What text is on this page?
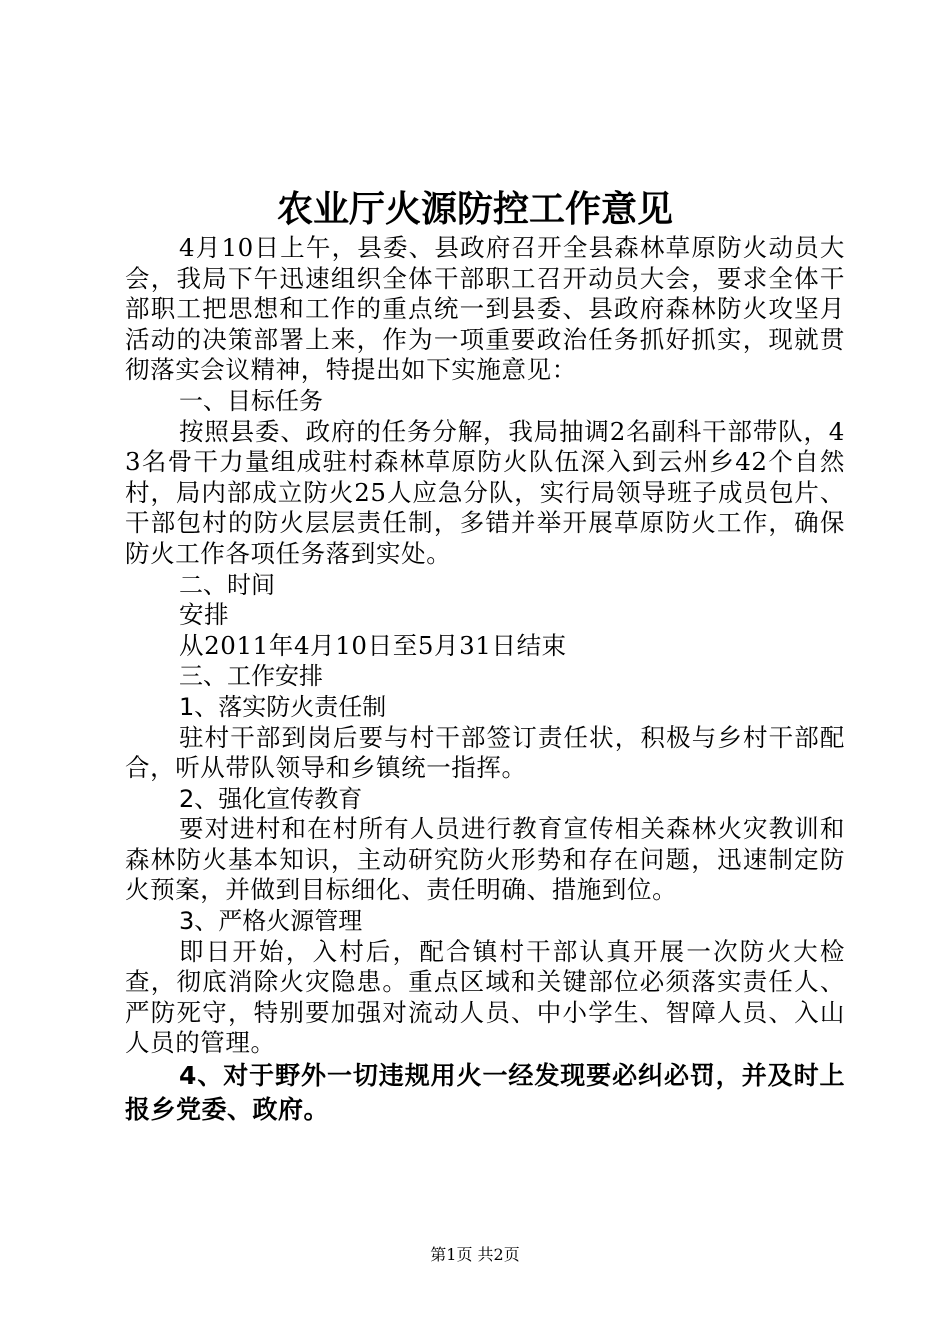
农业厅火源防控工作意见

4月10日上午，县委、县政府召开全县森林草原防火动员大会，我局下午迅速组织全体干部职工召开动员大会，要求全体干部职工把思想和工作的重点统一到县委、县政府森林防火攻坚月活动的决策部署上来，作为一项重要政治任务抓好抓实，现就贯彻落实会议精神，特提出如下实施意见：

一、目标任务

按照县委、政府的任务分解，我局抽调2名副科干部带队，43名骨干力量组成驻村森林草原防火队伍深入到云州乡42个自然村，局内部成立防火25人应急分队，实行局领导班子成员包片、干部包村的防火层层责任制，多错并举开展草原防火工作，确保防火工作各项任务落到实处。

二、时间

安排

从2011年4月10日至5月31日结束

三、工作安排

1、落实防火责任制

驻村干部到岗后要与村干部签订责任状，积极与乡村干部配合，听从带队领导和乡镇统一指挥。

2、强化宣传教育

要对进村和在村所有人员进行教育宣传相关森林火灾教训和森林防火基本知识，主动研究防火形势和存在问题，迅速制定防火预案，并做到目标细化、责任明确、措施到位。

3、严格火源管理

即日开始，入村后，配合镇村干部认真开展一次防火大检查，彻底消除火灾隐患。重点区域和关键部位必须落实责任人、严防死守，特别要加强对流动人员、中小学生、智障人员、入山人员的管理。

4、对于野外一切违规用火一经发现要必纠必罚，并及时上报乡党委、政府。

第1页 共2页
